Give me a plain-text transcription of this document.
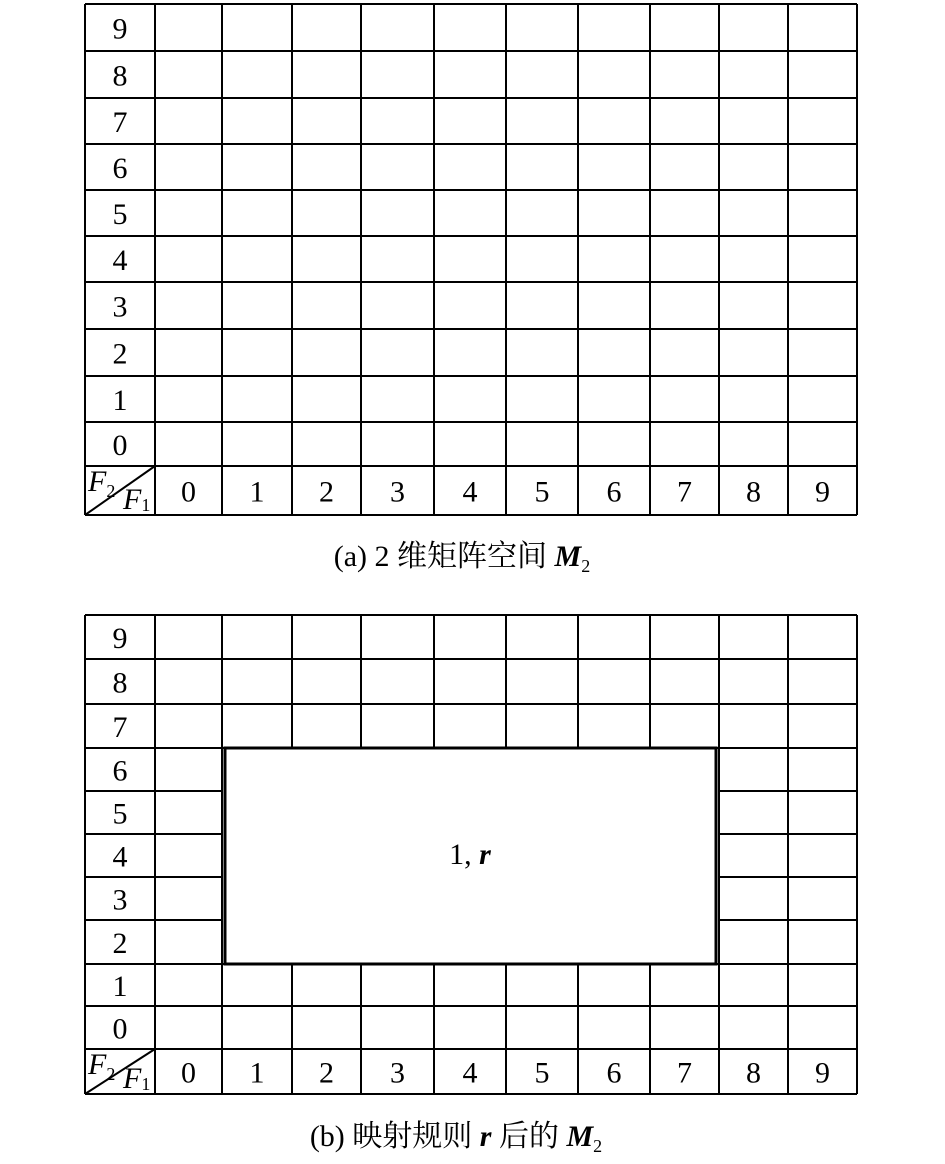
9
8
7
6
5
4
3
2
1
0
0 1 2 3 4 5 6 7 8 9
$F_2$ F1
9
8
7
6
5
4
3
2
1
0
0 1 2 3 4 5 6 7 8 9
$F_2$ F1
1, r
(a) 2 维矩阵空间 $M_2$
(b) 映射规则 r 后的 $M_2$
